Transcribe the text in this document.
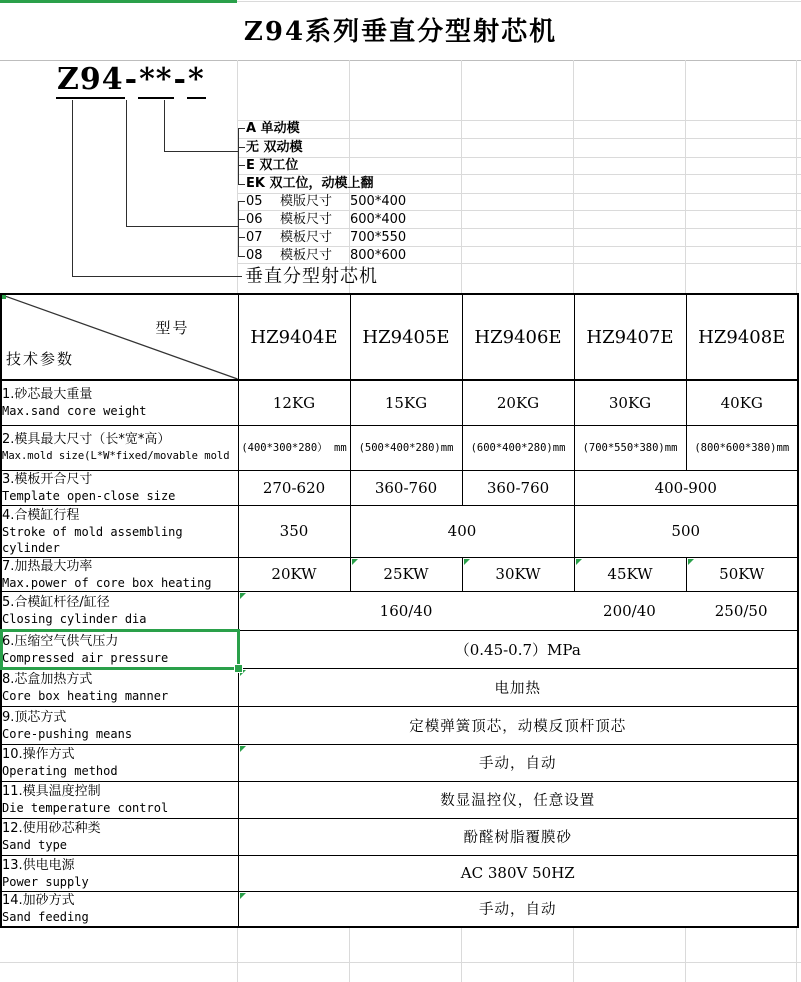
Z94系列垂直分型射芯机
Z94-**-*
A 单动模
无 双动模
E 双工位
EK 双工位，动模上翻
05	模版尺寸	500*400
06	模板尺寸	600*400
07	模板尺寸	700*550
08	模板尺寸	800*600
垂直分型射芯机
型号
技术参数	HZ9404E	HZ9405E	HZ9406E	HZ9407E	HZ9408E

1.砂芯最大重量
Max.sand core weight	12KG	15KG	20KG	30KG	40KG

2.模具最大尺寸（长*宽*高）
Max.mold size(L*W*fixed/movable mold	(400*300*280） mm	(500*400*280)mm	(600*400*280)mm	(700*550*380)mm	(800*600*380)mm

3.模板开合尺寸
Template open-close size	270-620	360-760	360-760	400-900	

4.合模缸行程
Stroke of mold assembling cylinder	350	400		500	

7.加热最大功率
Max.power of core box heating	20KW	25KW	30KW	45KW	50KW

5.合模缸杆径/缸径
Closing cylinder dia	160/40	200/40	250/50

6.压缩空气供气压力
Compressed air pressure	（0.45-0.7）MPa				

8.芯盒加热方式
Core box heating manner	电加热				

9.顶芯方式
Core-pushing means	定模弹簧顶芯，动模反顶杆顶芯				

10.操作方式
Operating method	手动，自动				

11.模具温度控制
Die temperature control	数显温控仪，任意设置				

12.使用砂芯种类
Sand type	酚醛树脂覆膜砂				

13.供电电源
Power supply	AC 380V 50HZ				

14.加砂方式
Sand feeding	手动，自动				
